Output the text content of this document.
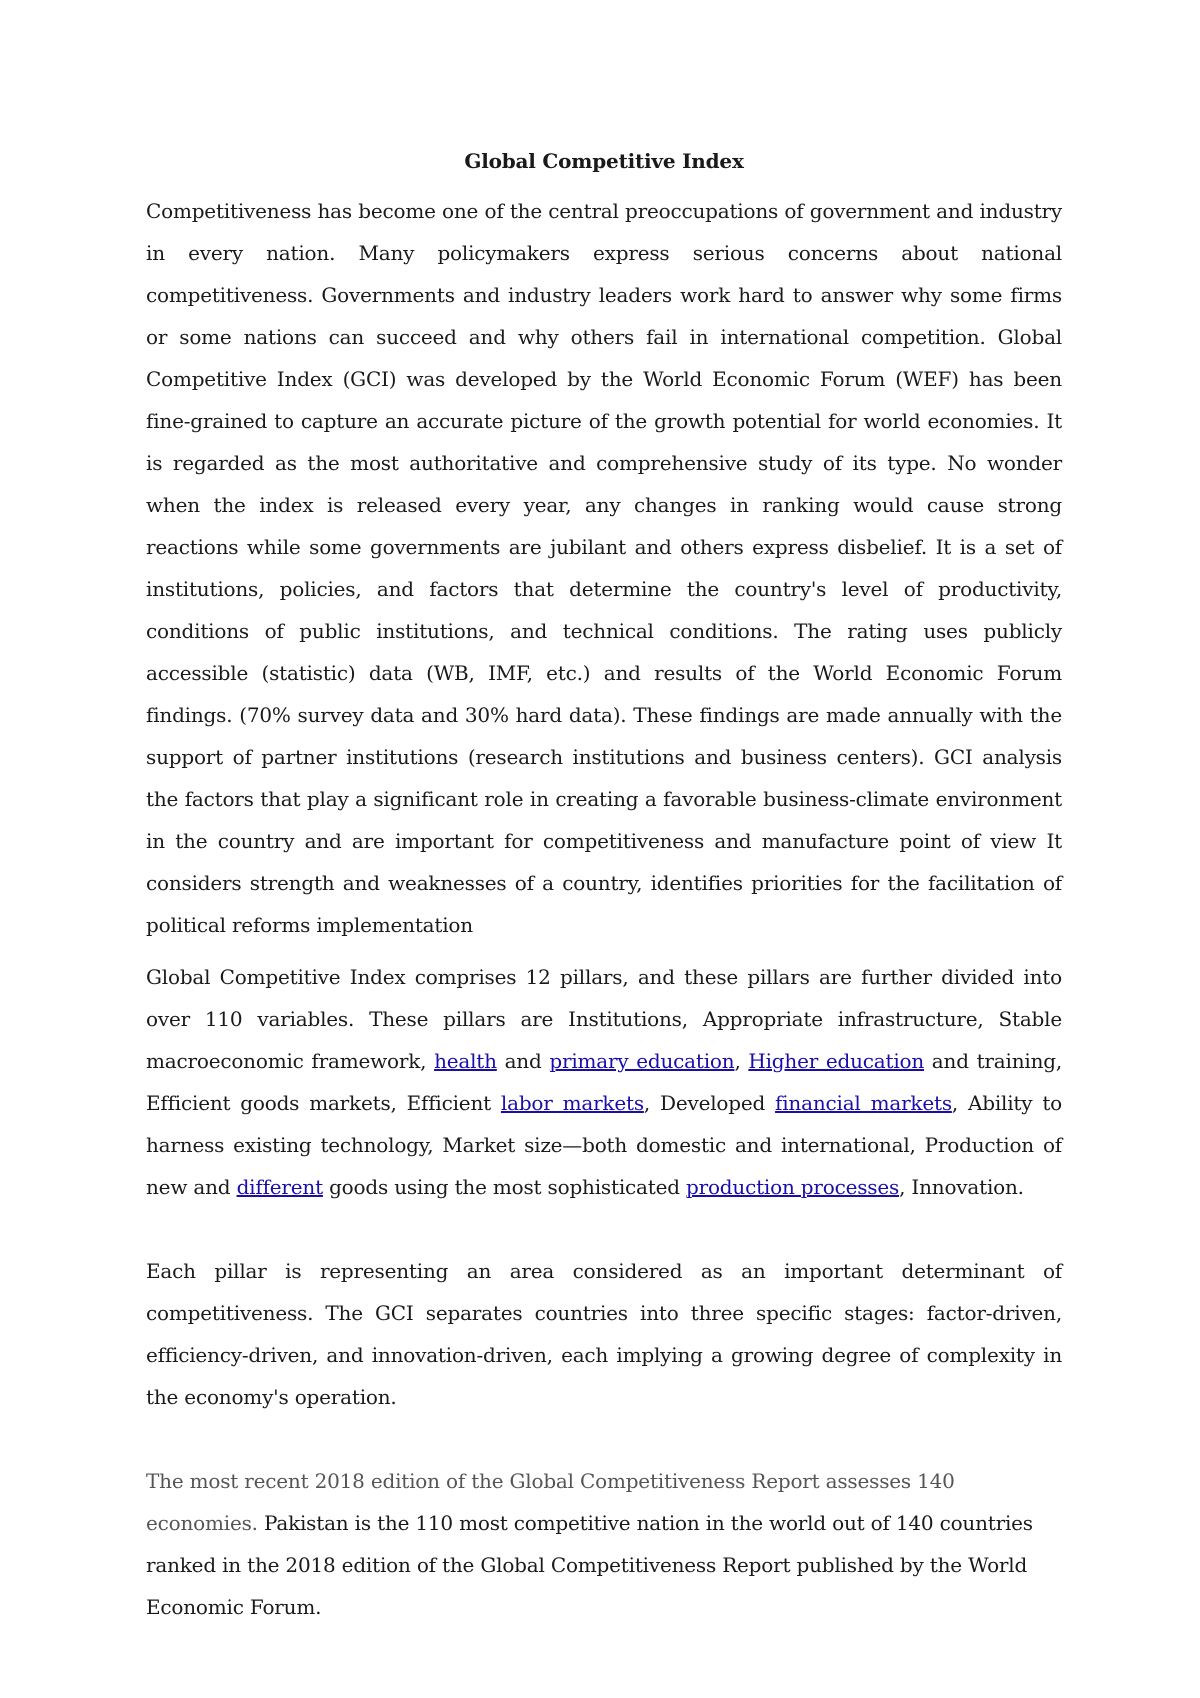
Global Competitive Index

Competitiveness has become one of the central preoccupations of government and industry in every nation. Many policymakers express serious concerns about national competitiveness. Governments and industry leaders work hard to answer why some firms or some nations can succeed and why others fail in international competition. Global Competitive Index (GCI) was developed by the World Economic Forum (WEF) has been fine-grained to capture an accurate picture of the growth potential for world economies. It is regarded as the most authoritative and comprehensive study of its type. No wonder when the index is released every year, any changes in ranking would cause strong reactions while some governments are jubilant and others express disbelief. It is a set of institutions, policies, and factors that determine the country's level of productivity, conditions of public institutions, and technical conditions. The rating uses publicly accessible (statistic) data (WB, IMF, etc.) and results of the World Economic Forum findings. (70% survey data and 30% hard data). These findings are made annually with the support of partner institutions (research institutions and business centers). GCI analysis the factors that play a significant role in creating a favorable business-climate environment in the country and are important for competitiveness and manufacture point of view It considers strength and weaknesses of a country, identifies priorities for the facilitation of political reforms implementation

Global Competitive Index comprises 12 pillars, and these pillars are further divided into over 110 variables. These pillars are Institutions, Appropriate infrastructure, Stable macroeconomic framework, health and primary education, Higher education and training, Efficient goods markets, Efficient labor markets, Developed financial markets, Ability to harness existing technology, Market size—both domestic and international, Production of new and different goods using the most sophisticated production processes, Innovation.

Each pillar is representing an area considered as an important determinant of competitiveness. The GCI separates countries into three specific stages: factor-driven, efficiency-driven, and innovation-driven, each implying a growing degree of complexity in the economy's operation.

The most recent 2018 edition of the Global Competitiveness Report assesses 140 economies. Pakistan is the 110 most competitive nation in the world out of 140 countries ranked in the 2018 edition of the Global Competitiveness Report published by the World Economic Forum.
